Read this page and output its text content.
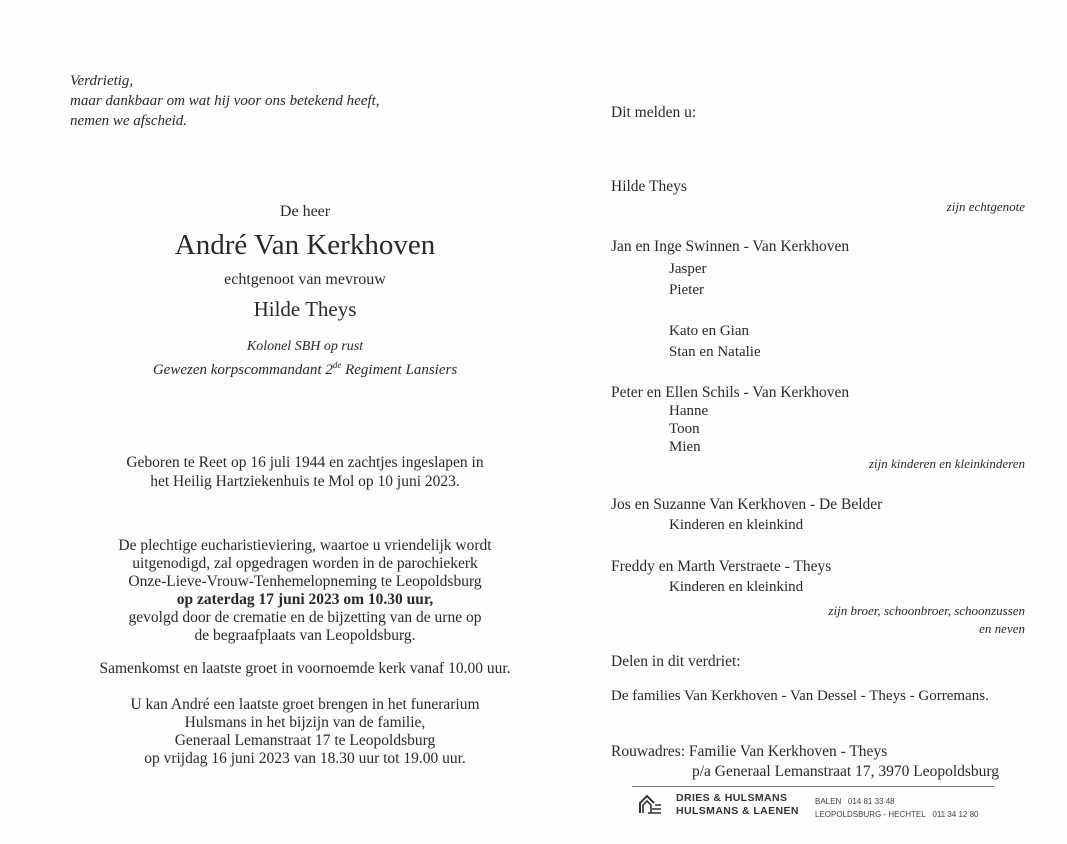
Verdrietig,
maar dankbaar om wat hij voor ons betekend heeft,
nemen we afscheid.
De heer
André Van Kerkhoven
echtgenoot van mevrouw
Hilde Theys
Kolonel SBH op rust
Gewezen korpscommandant 2de Regiment Lansiers
Geboren te Reet op 16 juli 1944 en zachtjes ingeslapen in
het Heilig Hartziekenhuis te Mol op 10 juni 2023.
De plechtige eucharistieviering, waartoe u vriendelijk wordt
uitgenodigd, zal opgedragen worden in de parochiekerk
Onze-Lieve-Vrouw-Tenhemelopneming te Leopoldsburg
op zaterdag 17 juni 2023 om 10.30 uur,
gevolgd door de crematie en de bijzetting van de urne op
de begraafplaats van Leopoldsburg.
Samenkomst en laatste groet in voornoemde kerk vanaf 10.00 uur.
U kan André een laatste groet brengen in het funerarium
Hulsmans in het bijzijn van de familie,
Generaal Lemanstraat 17 te Leopoldsburg
op vrijdag 16 juni 2023 van 18.30 uur tot 19.00 uur.
Dit melden u:
Hilde Theys
zijn echtgenote
Jan en Inge Swinnen - Van Kerkhoven
Jasper
Pieter
Kato en Gian
Stan en Natalie
Peter en Ellen Schils - Van Kerkhoven
Hanne
Toon
Mien
zijn kinderen en kleinkinderen
Jos en Suzanne Van Kerkhoven - De Belder
Kinderen en kleinkind
Freddy en Marth Verstraete - Theys
Kinderen en kleinkind
zijn broer, schoonbroer, schoonzussen
en neven
Delen in dit verdriet:
De families Van Kerkhoven - Van Dessel - Theys - Gorremans.
Rouwadres: Familie Van Kerkhoven - Theys
p/a Generaal Lemanstraat 17, 3970 Leopoldsburg
DRIES & HULSMANS
HULSMANS & LAENEN
BALEN 014 81 33 48
LEOPOLDSBURG - HECHTEL 011 34 12 80
